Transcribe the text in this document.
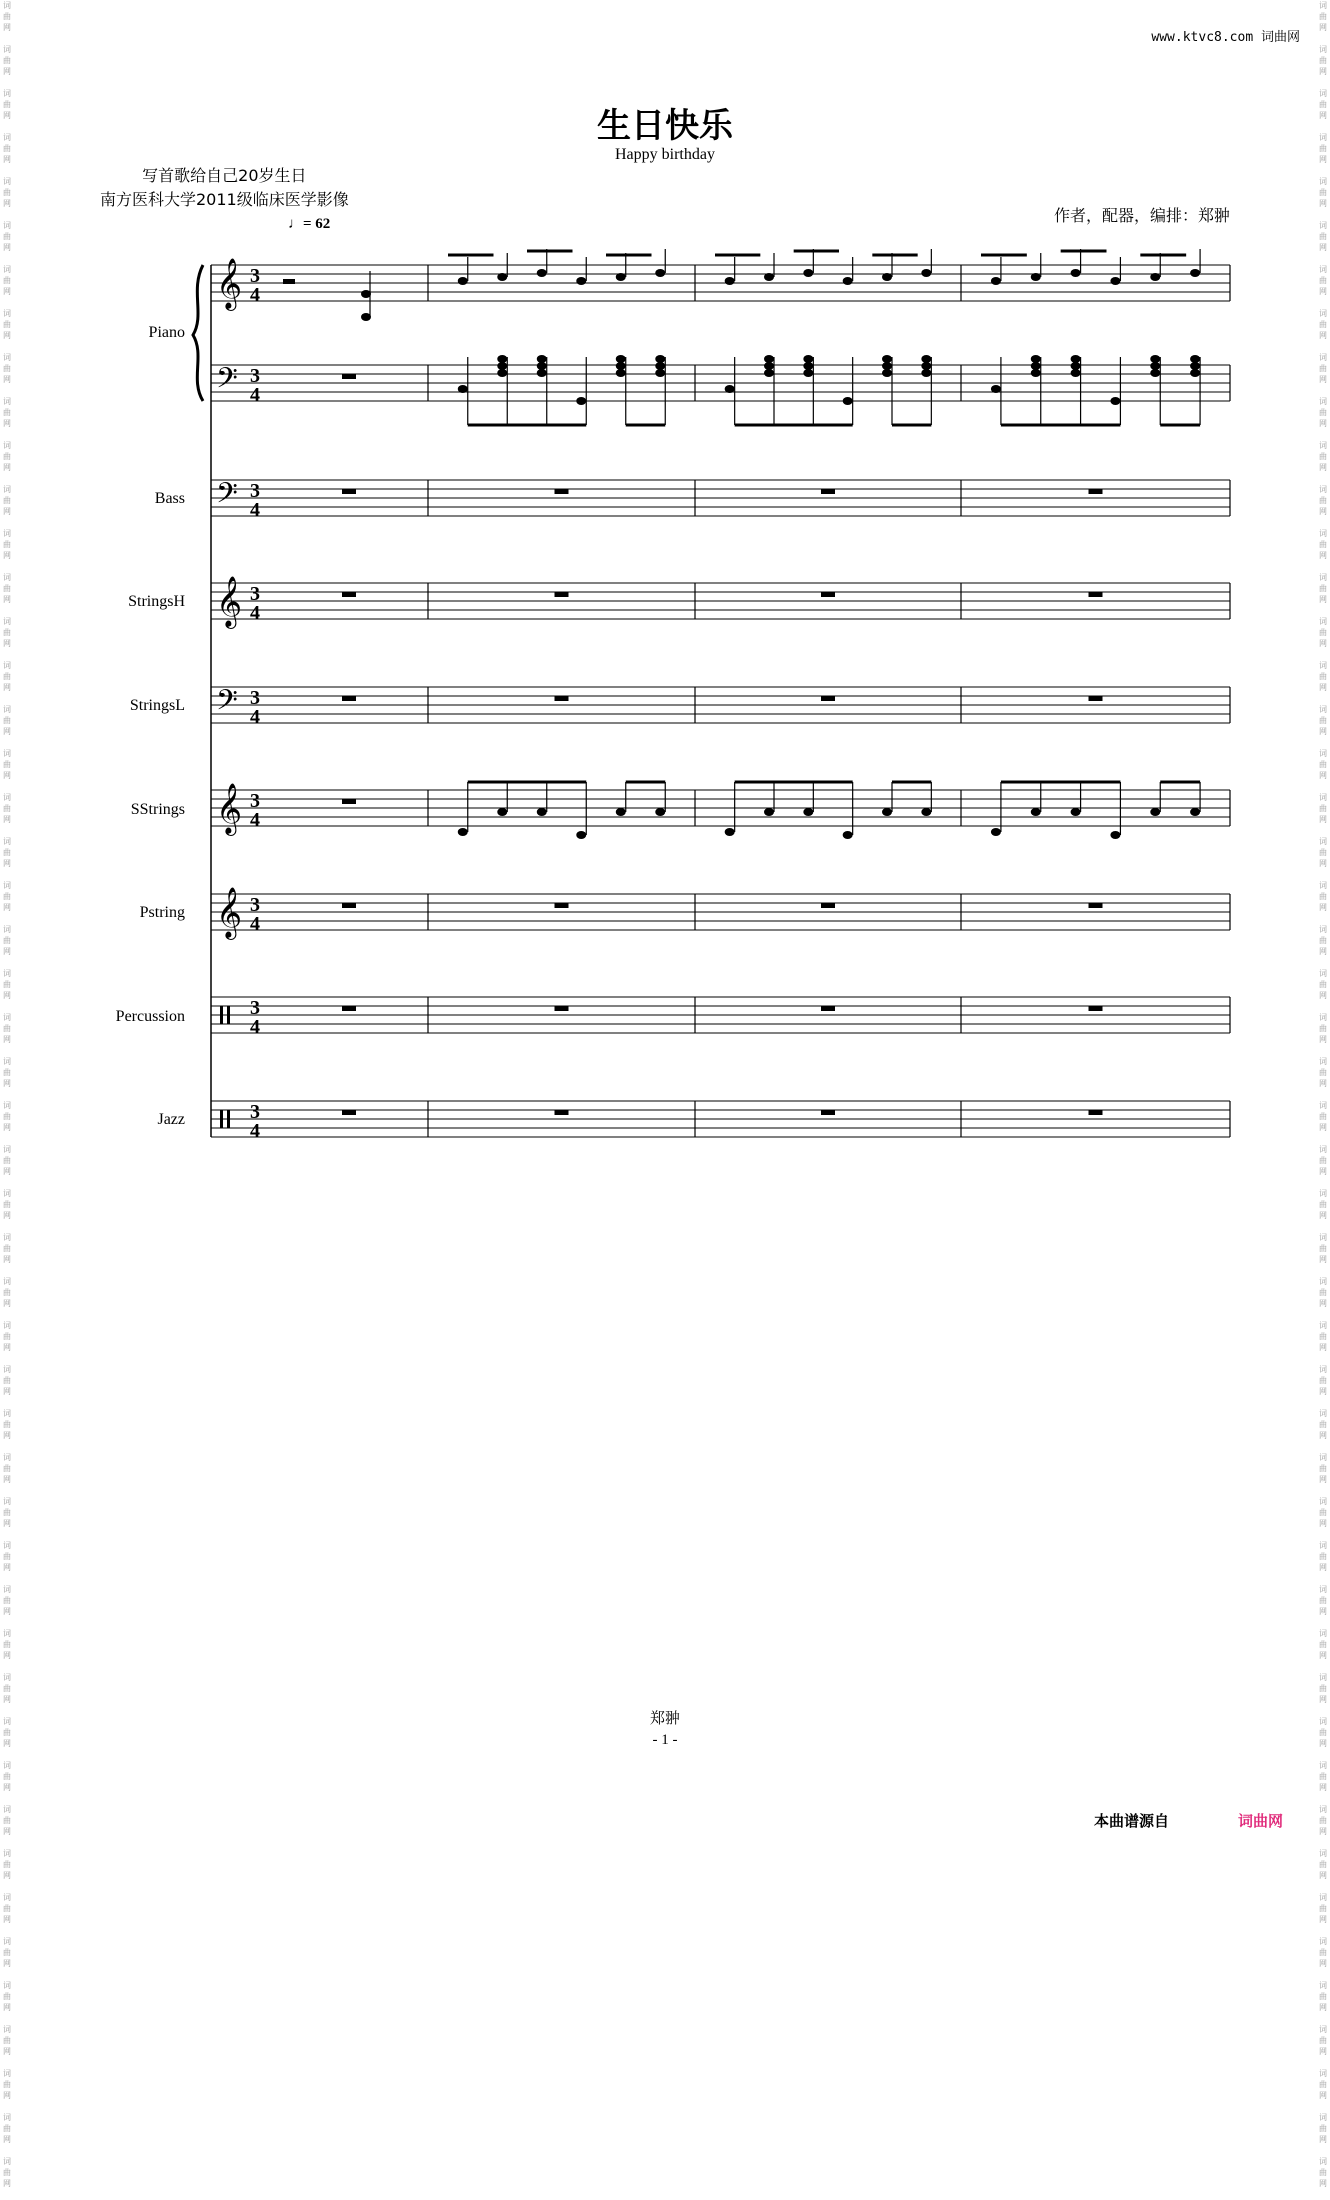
词
曲
网

词
曲
网

词
曲
网

词
曲
网

词
曲
网

词
曲
网

词
曲
网

词
曲
网

词
曲
网

词
曲
网

词
曲
网

词
曲
网

词
曲
网

词
曲
网

词
曲
网

词
曲
网

词
曲
网

词
曲
网

词
曲
网

词
曲
网

词
曲
网

词
曲
网

词
曲
网

词
曲
网

词
曲
网

词
曲
网

词
曲
网

词
曲
网

词
曲
网

词
曲
网

词
曲
网

词
曲
网

词
曲
网

词
曲
网

词
曲
网

词
曲
网

词
曲
网

词
曲
网

词
曲
网

词
曲
网

词
曲
网

词
曲
网

词
曲
网

词
曲
网

词
曲
网

词
曲
网

词
曲
网

词
曲
网

词
曲
网

词
曲
网

词
曲
网

词
曲
网

词
曲
网

词
曲
网

词
曲
网

词
曲
网

词
曲
网

词
曲
网

词
曲
网

词
曲
网

词
曲
网

词
曲
网

词
曲
网

词
曲
网

词
曲
网

词
曲
网

词
曲
网

词
曲
网

词
曲
网

词
曲
网

词
曲
网

词
曲
网

词
曲
网

词
曲
网

词
曲
网

词
曲
网

词
曲
网

词
曲
网

词
曲
网

词
曲
网

词
曲
网

词
曲
网

词
曲
网

词
曲
网

词
曲
网

词
曲
网

词
曲
网

词
曲
网

词
曲
网

词
曲
网

词
曲
网

词
曲
网

词
曲
网

词
曲
网

词
曲
网

词
曲
网

词
曲
网

词
曲
网

词
曲
网

词
曲
网

www.ktvc8.com 词曲网
生日快乐
Happy birthday
写首歌给自己20岁生日
南方医科大学2011级临床医学影像
作者，配器，编排：郑翀
♩= 62
Piano
Bass
StringsH
StringsL
SStrings
Pstring
Percussion
Jazz
𝄞 3
4
𝄢 3
4
𝄢 3
4
𝄞 3
4
𝄢 3
4
𝄞 3
4
𝄞 3
4
3
4
3
4
郑翀
- 1 -
本曲谱源自	词曲网
